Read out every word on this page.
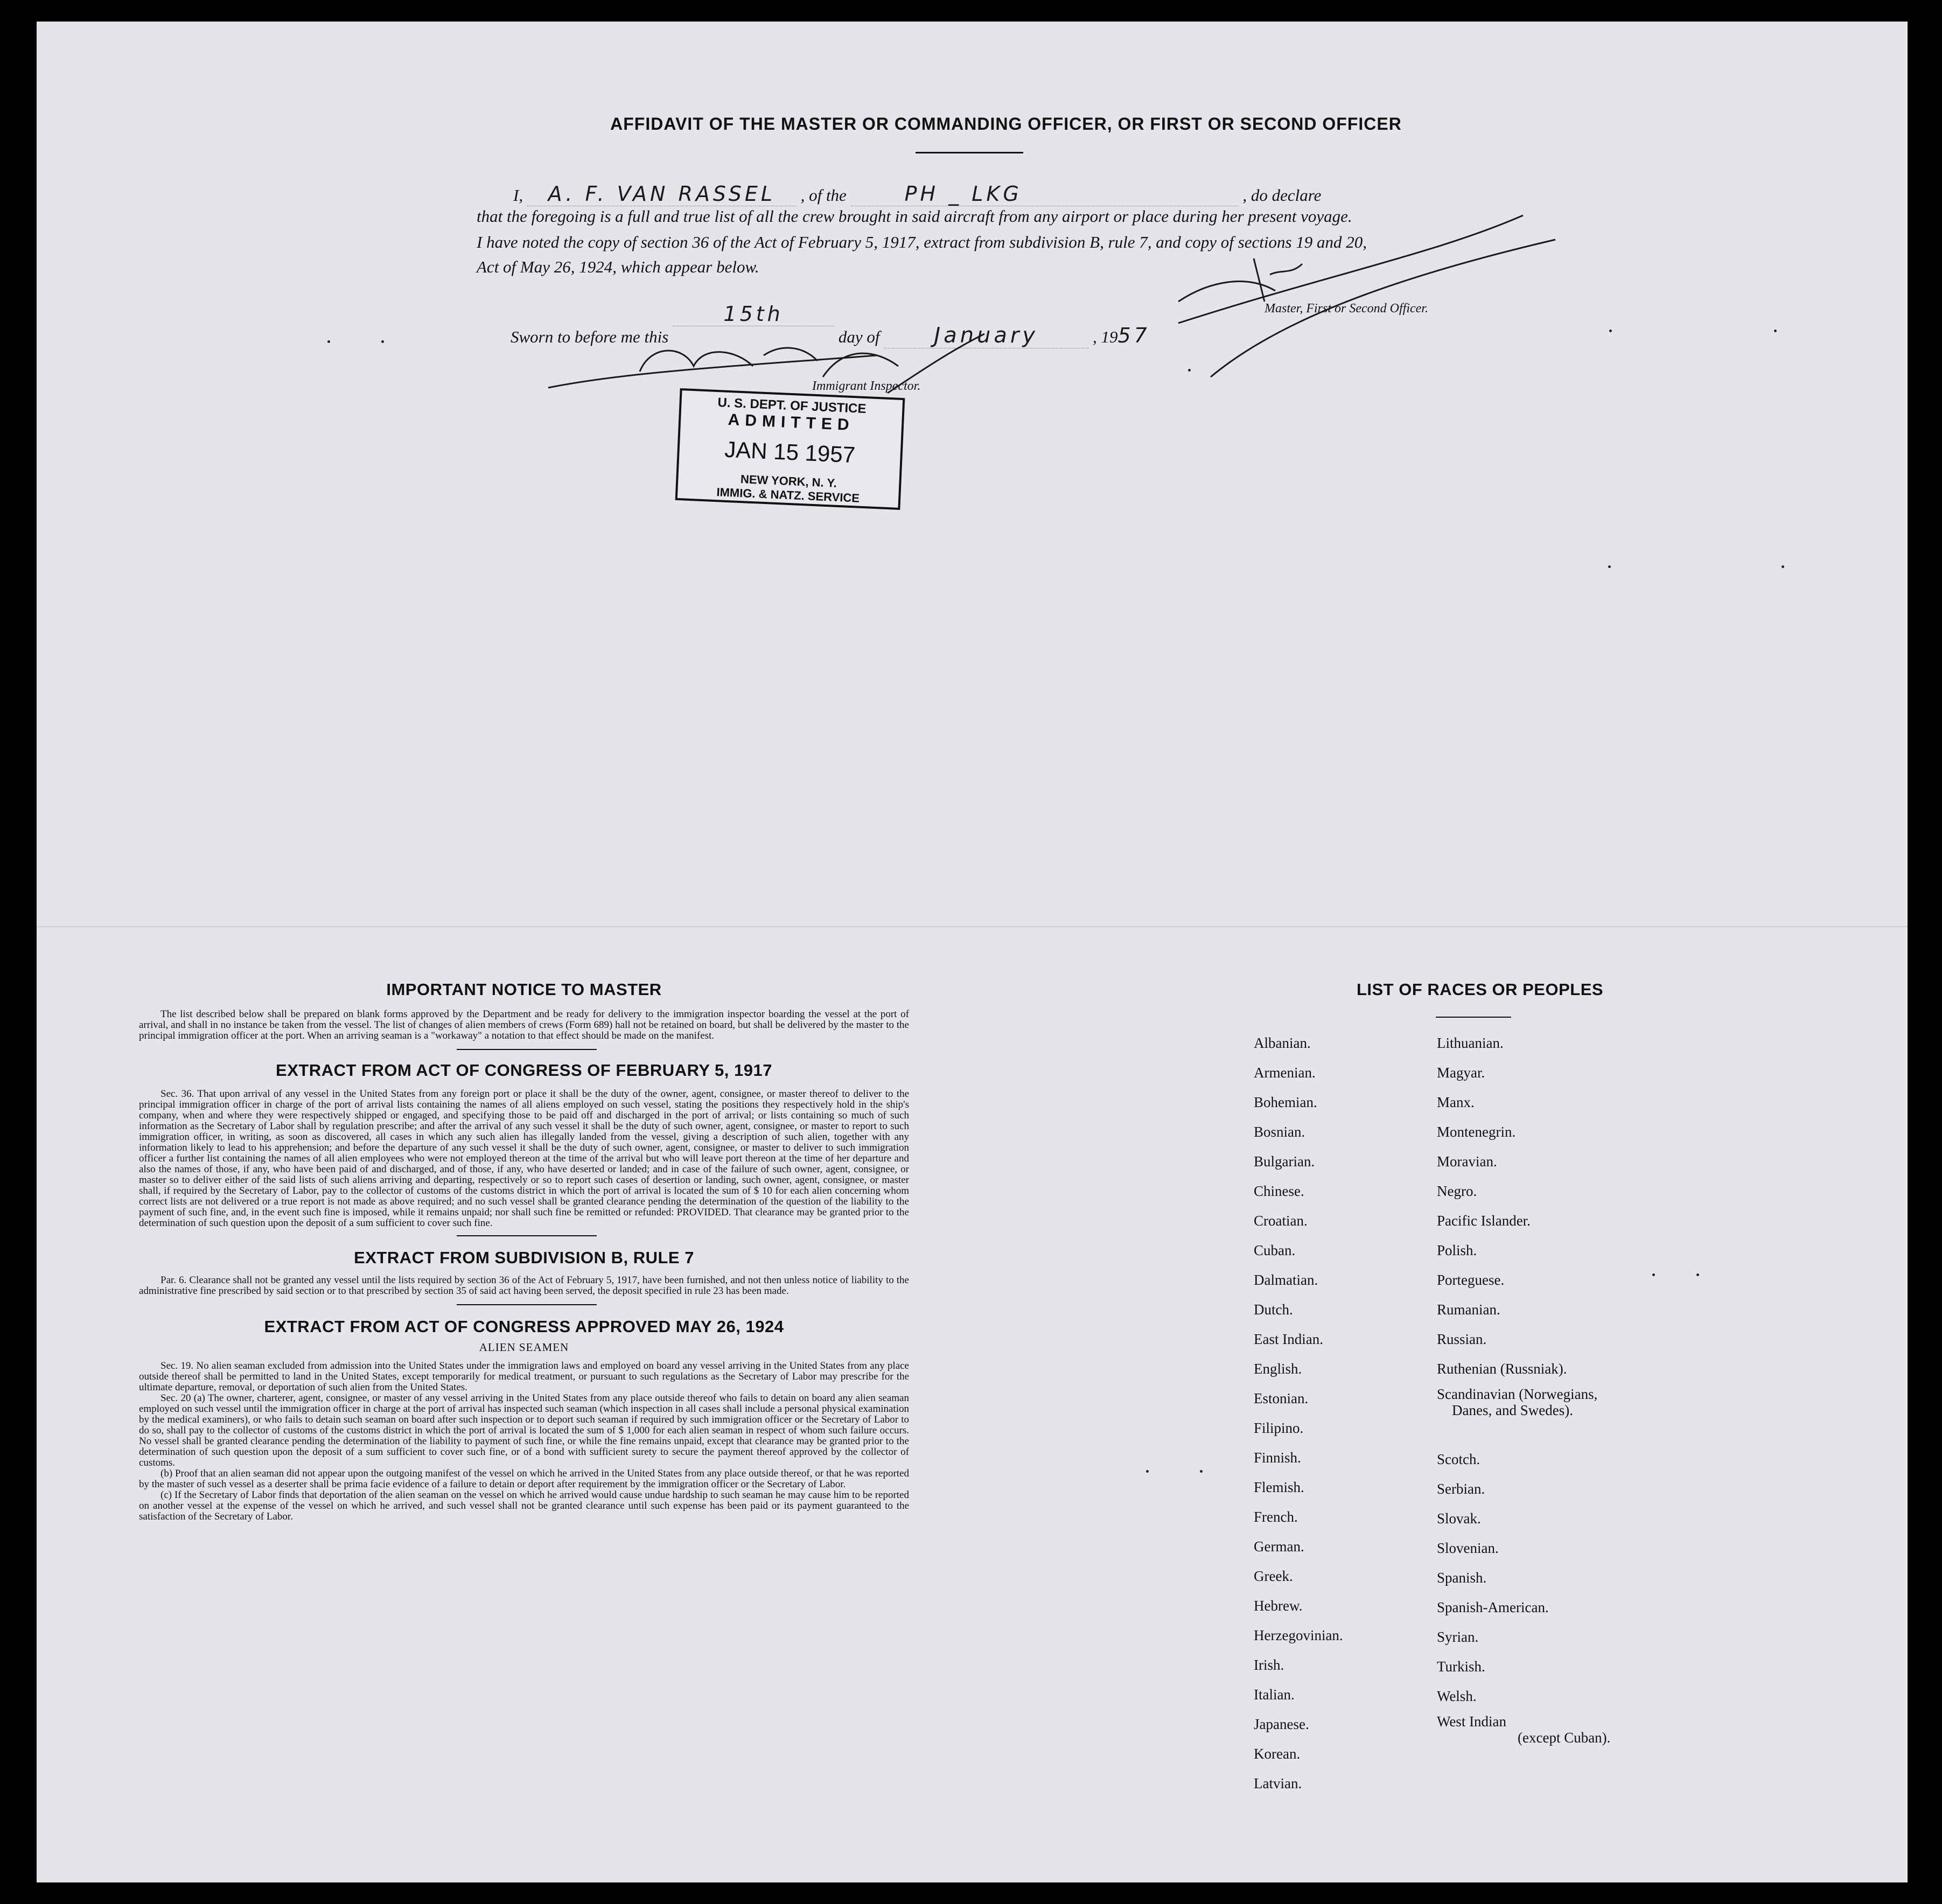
AFFIDAVIT OF THE MASTER OR COMMANDING OFFICER, OR FIRST OR SECOND OFFICER
I, A. F. VAN RASSEL , of the	PH _ LKG	, do declare
that the foregoing is a full and true list of all the crew brought in said aircraft from any airport or place during her present voyage.
I have noted the copy of section 36 of the Act of February 5, 1917, extract from subdivision B, rule 7, and copy of sections 19 and 20,
Act of May 26, 1924, which appear below.
Sworn to before me this 15th day of	January	, 1957
Master, First or Second Officer.
Immigrant Inspector.
U. S. DEPT. OF JUSTICE
ADMITTED
JAN 15 1957
NEW YORK, N. Y.
IMMIG. & NATZ. SERVICE
IMPORTANT NOTICE TO MASTER

The list described below shall be prepared on blank forms approved by the Department and be ready for delivery to the immigration inspector boarding the vessel at the port of arrival, and shall in no instance be taken from the vessel. The list of changes of alien members of crews (Form 689) hall not be retained on board, but shall be delivered by the master to the principal immigration officer at the port. When an arriving seaman is a "workaway" a notation to that effect should be made on the manifest.

EXTRACT FROM ACT OF CONGRESS OF FEBRUARY 5, 1917

Sec. 36. That upon arrival of any vessel in the United States from any foreign port or place it shall be the duty of the owner, agent, consignee, or master thereof to deliver to the principal immigration officer in charge of the port of arrival lists containing the names of all aliens employed on such vessel, stating the positions they respectively hold in the ship's company, when and where they were respectively shipped or engaged, and specifying those to be paid off and discharged in the port of arrival; or lists containing so much of such information as the Secretary of Labor shall by regulation prescribe; and after the arrival of any such vessel it shall be the duty of such owner, agent, consignee, or master to report to such immigration officer, in writing, as soon as discovered, all cases in which any such alien has illegally landed from the vessel, giving a description of such alien, together with any information likely to lead to his apprehension; and before the departure of any such vessel it shall be the duty of such owner, agent, consignee, or master to deliver to such immigration officer a further list containing the names of all alien employees who were not employed thereon at the time of the arrival but who will leave port thereon at the time of her departure and also the names of those, if any, who have been paid of and discharged, and of those, if any, who have deserted or landed; and in case of the failure of such owner, agent, consignee, or master so to deliver either of the said lists of such aliens arriving and departing, respectively or so to report such cases of desertion or landing, such owner, agent, consignee, or master shall, if required by the Secretary of Labor, pay to the collector of customs of the customs district in which the port of arrival is located the sum of $ 10 for each alien concerning whom correct lists are not delivered or a true report is not made as above required; and no such vessel shall be granted clearance pending the determination of the question of the liability to the payment of such fine, and, in the event such fine is imposed, while it remains unpaid; nor shall such fine be remitted or refunded: PROVIDED. That clearance may be granted prior to the determination of such question upon the deposit of a sum sufficient to cover such fine.

EXTRACT FROM SUBDIVISION B, RULE 7

Par. 6. Clearance shall not be granted any vessel until the lists required by section 36 of the Act of February 5, 1917, have been furnished, and not then unless notice of liability to the administrative fine prescribed by said section or to that prescribed by section 35 of said act having been served, the deposit specified in rule 23 has been made.

EXTRACT FROM ACT OF CONGRESS APPROVED MAY 26, 1924
ALIEN SEAMEN

Sec. 19. No alien seaman excluded from admission into the United States under the immigration laws and employed on board any vessel arriving in the United States from any place outside thereof shall be permitted to land in the United States, except temporarily for medical treatment, or pursuant to such regulations as the Secretary of Labor may prescribe for the ultimate departure, removal, or deportation of such alien from the United States.

Sec. 20 (a) The owner, charterer, agent, consignee, or master of any vessel arriving in the United States from any place outside thereof who fails to detain on board any alien seaman employed on such vessel until the immigration officer in charge at the port of arrival has inspected such seaman (which inspection in all cases shall include a personal physical examination by the medical examiners), or who fails to detain such seaman on board after such inspection or to deport such seaman if required by such immigration officer or the Secretary of Labor to do so, shall pay to the collector of customs of the customs district in which the port of arrival is located the sum of $ 1,000 for each alien seaman in respect of whom such failure occurs. No vessel shall be granted clearance pending the determination of the liability to payment of such fine, or while the fine remains unpaid, except that clearance may be granted prior to the determination of such question upon the deposit of a sum sufficient to cover such fine, or of a bond with sufficient surety to secure the payment thereof approved by the collector of customs.

(b) Proof that an alien seaman did not appear upon the outgoing manifest of the vessel on which he arrived in the United States from any place outside thereof, or that he was reported by the master of such vessel as a deserter shall be prima facie evidence of a failure to detain or deport after requirement by the immigration officer or the Secretary of Labor.

(c) If the Secretary of Labor finds that deportation of the alien seaman on the vessel on which he arrived would cause undue hardship to such seaman he may cause him to be reported on another vessel at the expense of the vessel on which he arrived, and such vessel shall not be granted clearance until such expense has been paid or its payment guaranteed to the satisfaction of the Secretary of Labor.

LIST OF RACES OR PEOPLES
Albanian.
Armenian.
Bohemian.
Bosnian.
Bulgarian.
Chinese.
Croatian.
Cuban.
Dalmatian.
Dutch.
East Indian.
English.
Estonian.
Filipino.
Finnish.
Flemish.
French.
German.
Greek.
Hebrew.
Herzegovinian.
Irish.
Italian.
Japanese.
Korean.
Latvian.
Lithuanian.
Magyar.
Manx.
Montenegrin.
Moravian.
Negro.
Pacific Islander.
Polish.
Porteguese.
Rumanian.
Russian.
Ruthenian (Russniak).
Scandinavian (Norwegians,
Danes, and Swedes).
Scotch.
Serbian.
Slovak.
Slovenian.
Spanish.
Spanish-American.
Syrian.
Turkish.
Welsh.
West Indian
(except Cuban).
